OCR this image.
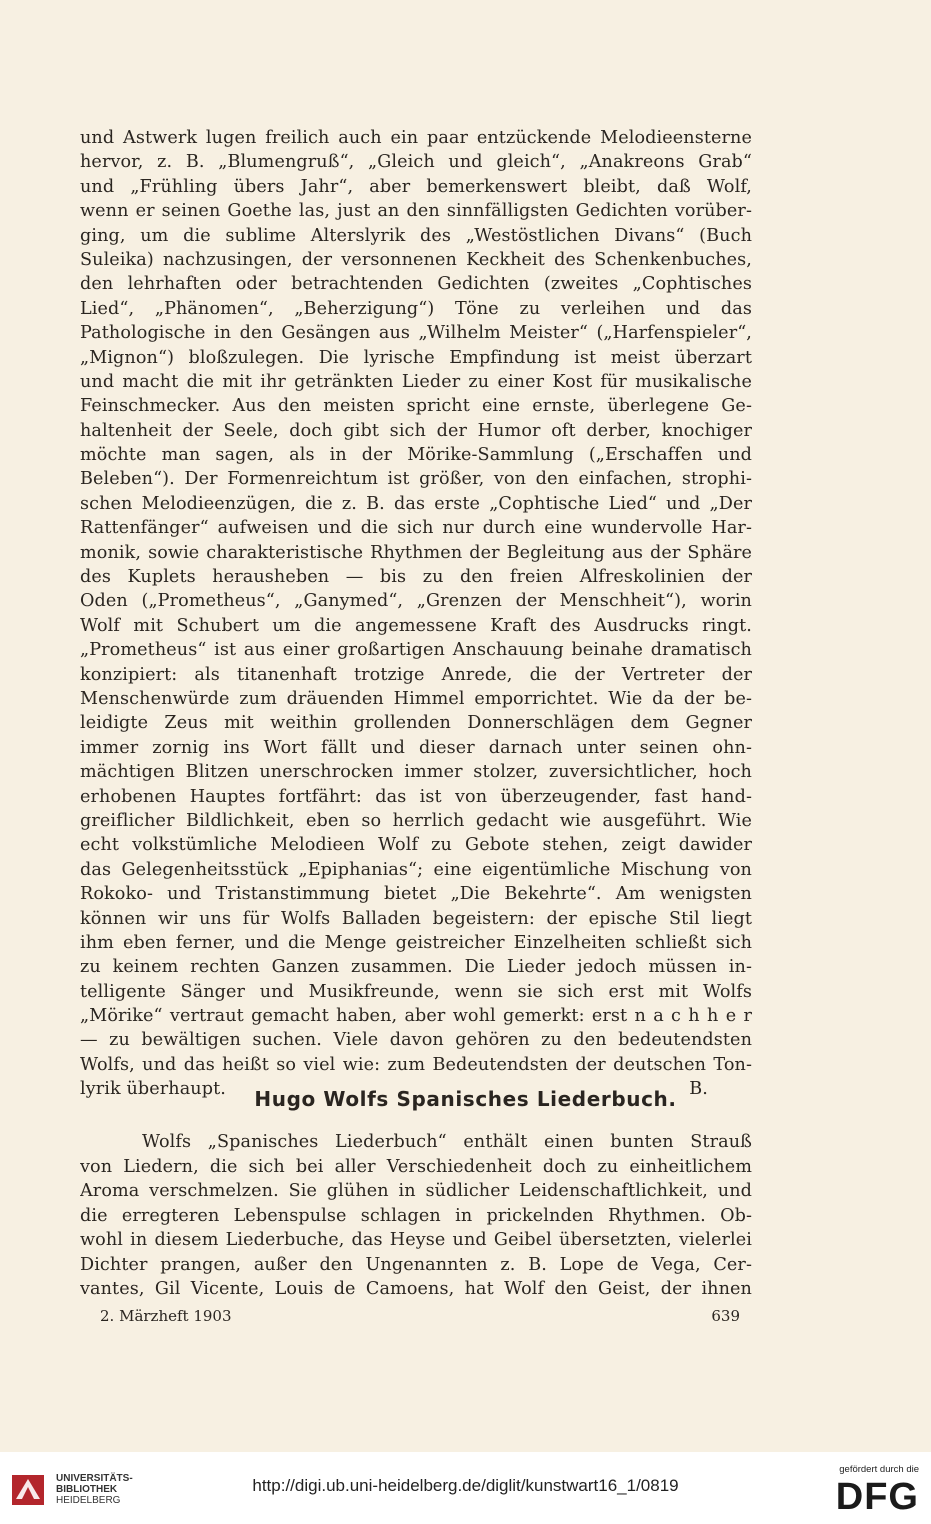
und Astwerk lugen freilich auch ein paar entzückende Melodieensterne
hervor, z. B. „Blumengruß“, „Gleich und gleich“, „Anakreons Grab“
und „Frühling übers Jahr“, aber bemerkenswert bleibt, daß Wolf,
wenn er seinen Goethe las, just an den sinnfälligsten Gedichten vorüber-
ging, um die sublime Alterslyrik des „Westöstlichen Divans“ (Buch
Suleika) nachzusingen, der versonnenen Keckheit des Schenkenbuches,
den lehrhaften oder betrachtenden Gedichten (zweites „Cophtisches
Lied“, „Phänomen“, „Beherzigung“) Töne zu verleihen und das
Pathologische in den Gesängen aus „Wilhelm Meister“ („Harfenspieler“,
„Mignon“) bloßzulegen. Die lyrische Empfindung ist meist überzart
und macht die mit ihr getränkten Lieder zu einer Kost für musikalische
Feinschmecker. Aus den meisten spricht eine ernste, überlegene Ge-
haltenheit der Seele, doch gibt sich der Humor oft derber, knochiger
möchte man sagen, als in der Mörike-Sammlung („Erschaffen und
Beleben“). Der Formenreichtum ist größer, von den einfachen, strophi-
schen Melodieenzügen, die z. B. das erste „Cophtische Lied“ und „Der
Rattenfänger“ aufweisen und die sich nur durch eine wundervolle Har-
monik, sowie charakteristische Rhythmen der Begleitung aus der Sphäre
des Kuplets herausheben — bis zu den freien Alfreskolinien der
Oden („Prometheus“, „Ganymed“, „Grenzen der Menschheit“), worin
Wolf mit Schubert um die angemessene Kraft des Ausdrucks ringt.
„Prometheus“ ist aus einer großartigen Anschauung beinahe dramatisch
konzipiert: als titanenhaft trotzige Anrede, die der Vertreter der
Menschenwürde zum dräuenden Himmel emporrichtet. Wie da der be-
leidigte Zeus mit weithin grollenden Donnerschlägen dem Gegner
immer zornig ins Wort fällt und dieser darnach unter seinen ohn-
mächtigen Blitzen unerschrocken immer stolzer, zuversichtlicher, hoch
erhobenen Hauptes fortfährt: das ist von überzeugender, fast hand-
greiflicher Bildlichkeit, eben so herrlich gedacht wie ausgeführt. Wie
echt volkstümliche Melodieen Wolf zu Gebote stehen, zeigt dawider
das Gelegenheitsstück „Epiphanias“; eine eigentümliche Mischung von
Rokoko- und Tristanstimmung bietet „Die Bekehrte“. Am wenigsten
können wir uns für Wolfs Balladen begeistern: der epische Stil liegt
ihm eben ferner, und die Menge geistreicher Einzelheiten schließt sich
zu keinem rechten Ganzen zusammen. Die Lieder jedoch müssen in-
telligente Sänger und Musikfreunde, wenn sie sich erst mit Wolfs
„Mörike“ vertraut gemacht haben, aber wohl gemerkt: erst n a c h h e r
— zu bewältigen suchen. Viele davon gehören zu den bedeutendsten
Wolfs, und das heißt so viel wie: zum Bedeutendsten der deutschen Ton-
lyrik überhaupt.	B.
Hugo Wolfs Spanisches Liederbuch.
Wolfs „Spanisches Liederbuch“ enthält einen bunten Strauß
von Liedern, die sich bei aller Verschiedenheit doch zu einheitlichem
Aroma verschmelzen. Sie glühen in südlicher Leidenschaftlichkeit, und
die erregteren Lebenspulse schlagen in prickelnden Rhythmen. Ob-
wohl in diesem Liederbuche, das Heyse und Geibel übersetzten, vielerlei
Dichter prangen, außer den Ungenannten z. B. Lope de Vega, Cer-
vantes, Gil Vicente, Louis de Camoens, hat Wolf den Geist, der ihnen
2. Märzheft 1903	639
UNIVERSITÄTS-
BIBLIOTHEK
HEIDELBERG
http://digi.ub.uni-heidelberg.de/diglit/kunstwart16_1/0819
gefördert durch die
DFG
